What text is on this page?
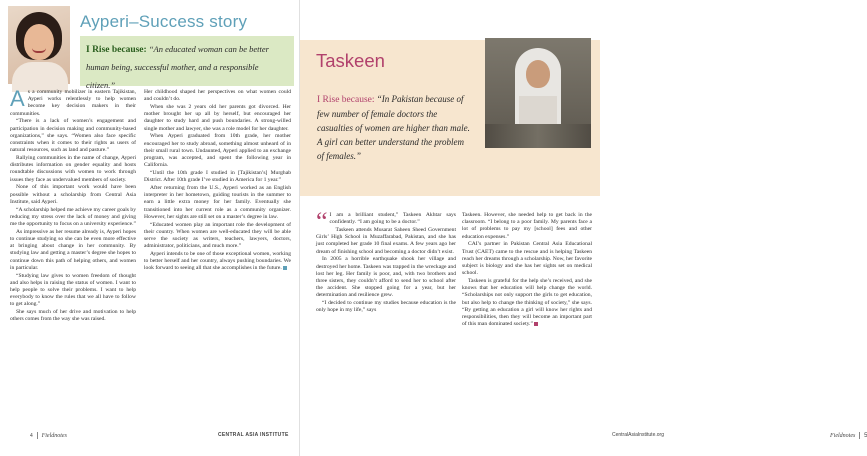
Ayperi–Success story
I Rise because: “An educated woman can be better human being, successful mother, and a responsible citizen.”

As a community mobilizer in eastern Tajikistan, Ayperi works relentlessly to help women become key decision makers in their communities.

“There is a lack of women’s engagement and participation in decision making and community-based organizations,” she says. “Women also face specific constraints when it comes to their rights as users of natural resources, such as land and pasture.”

Rallying communities in the name of change, Ayperi distributes information on gender equality and hosts roundtable discussions with women to work through issues they face as undervalued members of society.

None of this important work would have been possible without a scholarship from Central Asia Institute, said Ayperi.

“A scholarship helped me achieve my career goals by reducing my stress over the lack of money and giving me the opportunity to focus on a university experience.”

As impressive as her resume already is, Ayperi hopes to continue studying so she can be even more effective at bringing about change in her community. By studying law and getting a master’s degree she hopes to continue down this path of helping others, and women in particular.

“Studying law gives to women freedom of thought and also helps in raising the status of women. I want to help people to solve their problems. I want to help everybody to know the rules that we all have to follow to get along.”

She says much of her drive and motivation to help others comes from the way she was raised.

Her childhood shaped her perspectives on what women could and couldn’t do.

When she was 2 years old her parents got divorced. Her mother brought her up all by herself, but encouraged her daughter to study hard and push boundaries. A strong-willed single mother and lawyer, she was a role model for her daughter.

When Ayperi graduated from 10th grade, her mother encouraged her to study abroad, something almost unheard of in their small rural town. Undaunted, Ayperi applied to an exchange program, was accepted, and spent the following year in California.

“Until the 10th grade I studied in [Tajikistan’s] Murghab District. After 10th grade I’ve studied in America for 1 year.”

After returning from the U.S., Ayperi worked as an English interpreter in her hometown, guiding tourists in the summer to earn a little extra money for her family. Eventually she transitioned into her current role as a community organizer. However, her sights are still set on a master’s degree in law.

“Educated women play an important role the development of their country. When women are well-educated they will be able serve the society as writers, teachers, lawyers, doctors, administrator, politicians, and much more.”

Ayperi intends to be one of those exceptional women, working to better herself and her country, always pushing boundaries. We look forward to seeing all that she accomplishes in the future.

4 Fieldnotes	CENTRAL ASIA INSTITUTE
Taskeen
I Rise because: “In Pakistan because of few number of female doctors the casualties of women are higher than male. A girl can better understand the problem of females.”

“ I am a brilliant student,” Taskeen Akhtar says confidently. “I am going to be a doctor.”

Taskeen attends Musarat Saheen Sheed Government Girls’ High School in Muzaffarabad, Pakistan, and she has just completed her grade 10 final exams. A few years ago her dream of finishing school and becoming a doctor didn’t exist.

In 2005 a horrible earthquake shook her village and destroyed her home. Taskeen was trapped in the wreckage and lost her leg. Her family is poor, and, with two brothers and three sisters, they couldn’t afford to send her to school after the accident. She stopped going for a year, but her determination and resilience grew.

“I decided to continue my studies because education is the only hope in my life,” says

Taskeen. However, she needed help to get back in the classroom. “I belong to a poor family. My parents face a lot of problems to pay my [school] fees and other education expenses.”

CAI’s partner in Pakistan Central Asia Educational Trust (CAET) came to the rescue and is helping Taskeen reach her dreams through a scholarship. Now, her favorite subject is biology and she has her sights set on medical school.

Taskeen is grateful for the help she’s received, and she knows that her education will help change the world. “Scholarships not only support the girls to get education, but also help to change the thinking of society,” she says. “By getting an education a girl will know her rights and responsibilities, then they will become an important part of this man dominated society.”

CentralAsiaInstitute.org	Fieldnotes 5
